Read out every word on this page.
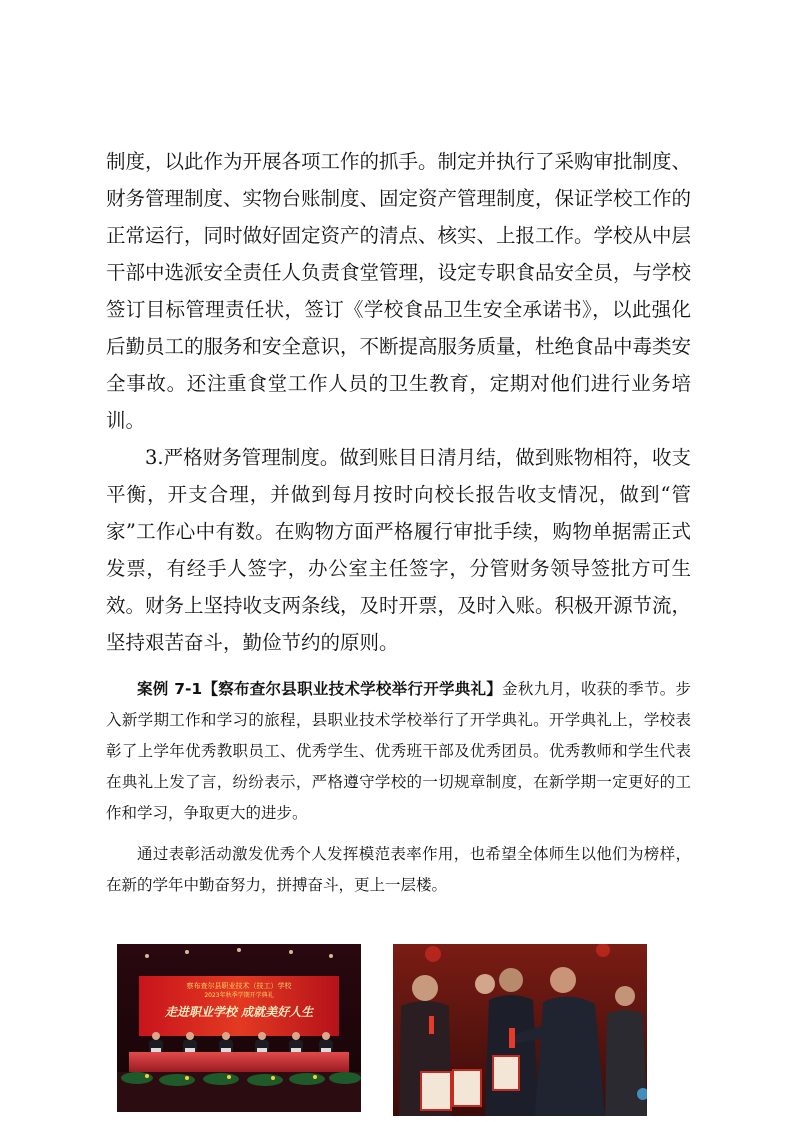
制度，以此作为开展各项工作的抓手。制定并执行了采购审批制度、财务管理制度、实物台账制度、固定资产管理制度，保证学校工作的正常运行，同时做好固定资产的清点、核实、上报工作。学校从中层干部中选派安全责任人负责食堂管理，设定专职食品安全员，与学校签订目标管理责任状，签订《学校食品卫生安全承诺书》，以此强化后勤员工的服务和安全意识，不断提高服务质量，杜绝食品中毒类安全事故。还注重食堂工作人员的卫生教育，定期对他们进行业务培训。

3.严格财务管理制度。做到账目日清月结，做到账物相符，收支平衡，开支合理，并做到每月按时向校长报告收支情况，做到“管家”工作心中有数。在购物方面严格履行审批手续，购物单据需正式发票，有经手人签字，办公室主任签字，分管财务领导签批方可生效。财务上坚持收支两条线，及时开票，及时入账。积极开源节流，坚持艰苦奋斗，勤俭节约的原则。

案例 7-1【察布查尔县职业技术学校举行开学典礼】金秋九月，收获的季节。步入新学期工作和学习的旅程，县职业技术学校举行了开学典礼。开学典礼上，学校表彰了上学年优秀教职员工、优秀学生、优秀班干部及优秀团员。优秀教师和学生代表在典礼上发了言，纷纷表示，严格遵守学校的一切规章制度，在新学期一定更好的工作和学习，争取更大的进步。

通过表彰活动激发优秀个人发挥模范表率作用，也希望全体师生以他们为榜样，在新的学年中勤奋努力，拼搏奋斗，更上一层楼。

察布查尔县职业技术（技工）学校
2023年秋季学期开学典礼
走进职业学校 成就美好人生
